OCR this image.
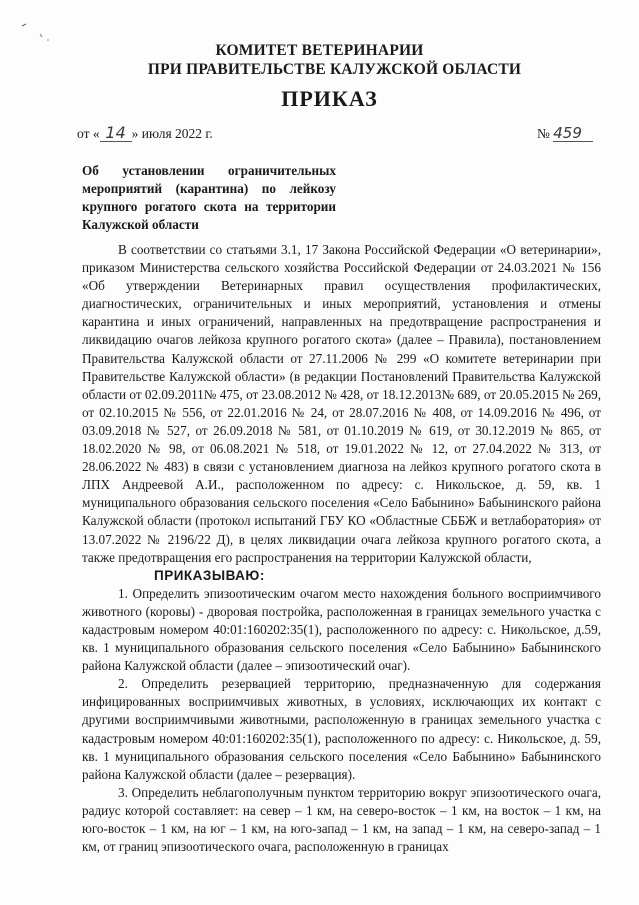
КОМИТЕТ ВЕТЕРИНАРИИ
ПРИ ПРАВИТЕЛЬСТВЕ КАЛУЖСКОЙ ОБЛАСТИ
ПРИКАЗ
от « 14 » июля 2022 г.	№ 459
Об установлении ограничительных мероприятий (карантина) по лейкозу крупного рогатого скота на территории Калужской области

В соответствии со статьями 3.1, 17 Закона Российской Федерации «О ветеринарии», приказом Министерства сельского хозяйства Российской Федерации от 24.03.2021 № 156 «Об утверждении Ветеринарных правил осуществления профилактических, диагностических, ограничительных и иных мероприятий, установления и отмены карантина и иных ограничений, направленных на предотвращение распространения и ликвидацию очагов лейкоза крупного рогатого скота» (далее – Правила), постановлением Правительства Калужской области от 27.11.2006 № 299 «О комитете ветеринарии при Правительстве Калужской области» (в редакции Постановлений Правительства Калужской области от 02.09.2011№ 475, от 23.08.2012 № 428, от 18.12.2013№ 689, от 20.05.2015 № 269, от 02.10.2015 № 556, от 22.01.2016 № 24, от 28.07.2016 № 408, от 14.09.2016 № 496, от 03.09.2018 № 527, от 26.09.2018 № 581, от 01.10.2019 № 619, от 30.12.2019 № 865, от 18.02.2020 № 98, от 06.08.2021 № 518, от 19.01.2022 № 12, от 27.04.2022 № 313, от 28.06.2022 № 483) в связи с установлением диагноза на лейкоз крупного рогатого скота в ЛПХ Андреевой А.И., расположенном по адресу: с. Никольское, д. 59, кв. 1 муниципального образования сельского поселения «Село Бабынино» Бабынинского района Калужской области (протокол испытаний ГБУ КО «Областные СББЖ и ветлаборатория» от 13.07.2022 № 2196/22 Д), в целях ликвидации очага лейкоза крупного рогатого скота, а также предотвращения его распространения на территории Калужской области,

ПРИКАЗЫВАЮ:

1. Определить эпизоотическим очагом место нахождения больного восприимчивого животного (коровы) - дворовая постройка, расположенная в границах земельного участка с кадастровым номером 40:01:160202:35(1), расположенного по адресу: с. Никольское, д.59, кв. 1 муниципального образования сельского поселения «Село Бабынино» Бабынинского района Калужской области (далее – эпизоотический очаг).

2. Определить резервацией территорию, предназначенную для содержания инфицированных восприимчивых животных, в условиях, исключающих их контакт с другими восприимчивыми животными, расположенную в границах земельного участка с кадастровым номером 40:01:160202:35(1), расположенного по адресу: с. Никольское, д. 59, кв. 1 муниципального образования сельского поселения «Село Бабынино» Бабынинского района Калужской области (далее – резервация).

3. Определить неблагополучным пунктом территорию вокруг эпизоотического очага, радиус которой составляет: на север – 1 км, на северо-восток – 1 км, на восток – 1 км, на юго-восток – 1 км, на юг – 1 км, на юго-запад – 1 км, на запад – 1 км, на северо-запад – 1 км, от границ эпизоотического очага, расположенную в границах
